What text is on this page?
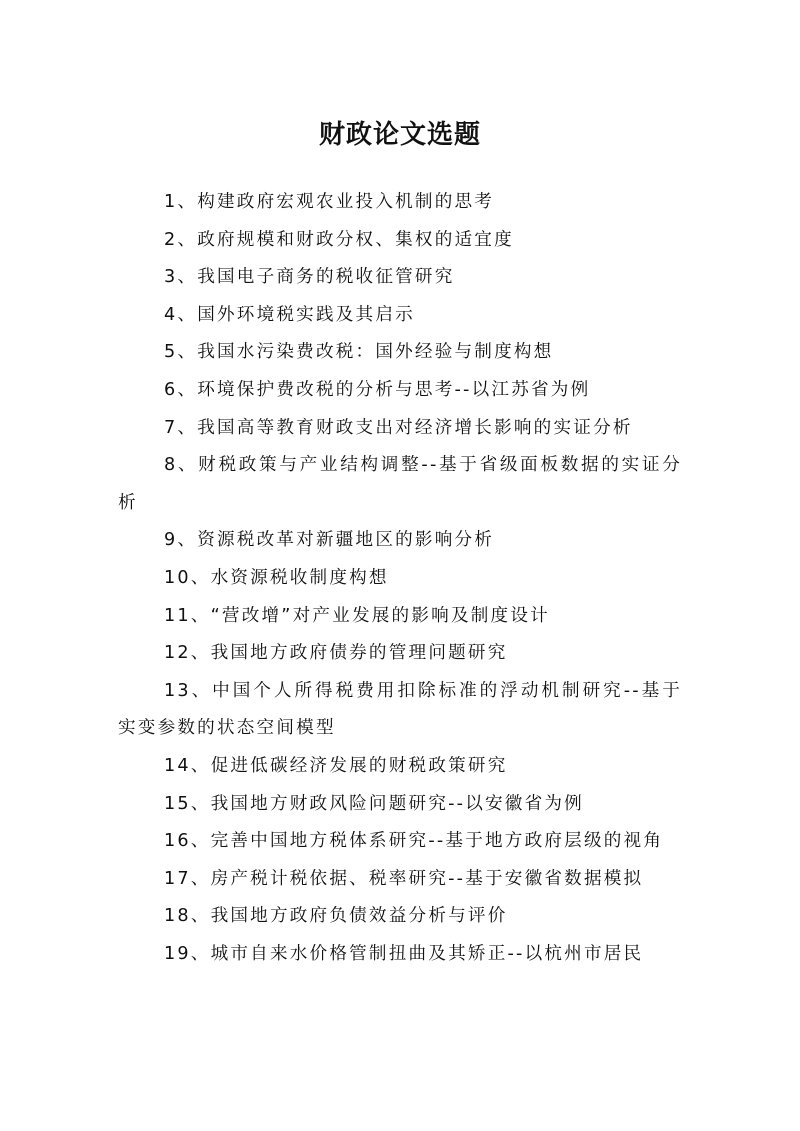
财政论文选题
1、构建政府宏观农业投入机制的思考
2、政府规模和财政分权、集权的适宜度
3、我国电子商务的税收征管研究
4、国外环境税实践及其启示
5、我国水污染费改税：国外经验与制度构想
6、环境保护费改税的分析与思考--以江苏省为例
7、我国高等教育财政支出对经济增长影响的实证分析
8、财税政策与产业结构调整--基于省级面板数据的实证分析
9、资源税改革对新疆地区的影响分析
10、水资源税收制度构想
11、“营改增”对产业发展的影响及制度设计
12、我国地方政府债券的管理问题研究
13、中国个人所得税费用扣除标准的浮动机制研究--基于实变参数的状态空间模型
14、促进低碳经济发展的财税政策研究
15、我国地方财政风险问题研究--以安徽省为例
16、完善中国地方税体系研究--基于地方政府层级的视角
17、房产税计税依据、税率研究--基于安徽省数据模拟
18、我国地方政府负债效益分析与评价
19、城市自来水价格管制扭曲及其矫正--以杭州市居民
